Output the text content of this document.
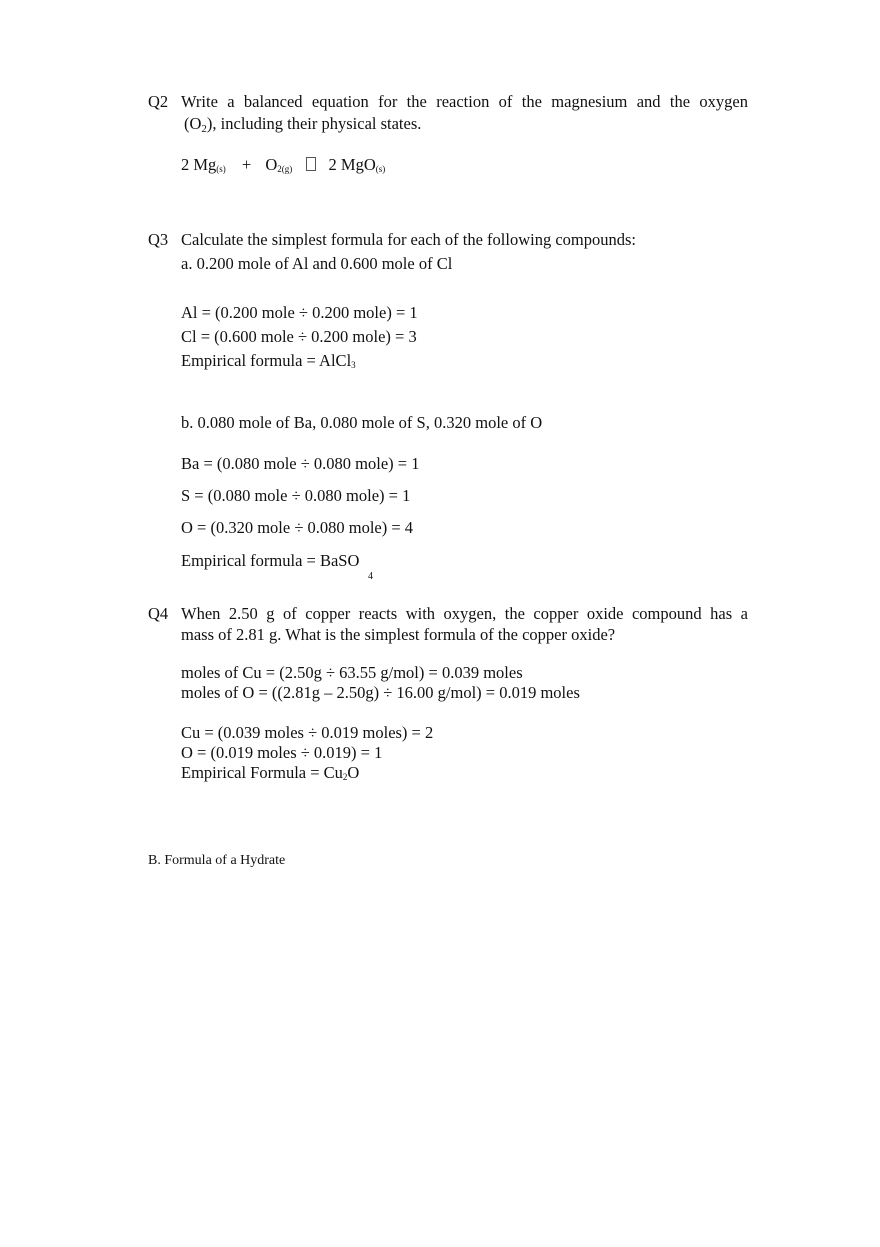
Q2 Write a balanced equation for the reaction of the magnesium and the oxygen
$(O_2)$, including their physical states.
2 $Mg_{(s)} + O_{2(g)}$ 2 MgO$_{(s)}$
Q3 Calculate the simplest formula for each of the following compounds:
a. 0.200 mole of Al and 0.600 mole of Cl
Al = (0.200 mole ÷ 0.200 mole) = 1
Cl = (0.600 mole ÷ 0.200 mole) = 3
Empirical formula = AlCl$_3$
b. 0.080 mole of Ba, 0.080 mole of S, 0.320 mole of O
Ba = (0.080 mole ÷ 0.080 mole) = 1
S = (0.080 mole ÷ 0.080 mole) = 1
O = (0.320 mole ÷ 0.080 mole) = 4
Empirical formula = BaSO
4
Q4 When 2.50 g of copper reacts with oxygen, the copper oxide compound has a
mass of 2.81 g. What is the simplest formula of the copper oxide?
moles of Cu = (2.50g ÷ 63.55 g/mol) = 0.039 moles
moles of O = ((2.81g – 2.50g) ÷ 16.00 g/mol) = 0.019 moles
Cu = (0.039 moles ÷ 0.019 moles) = 2
O = (0.019 moles ÷ 0.019) = 1
Empirical Formula = $Cu_2O$
B. Formula of a Hydrate
